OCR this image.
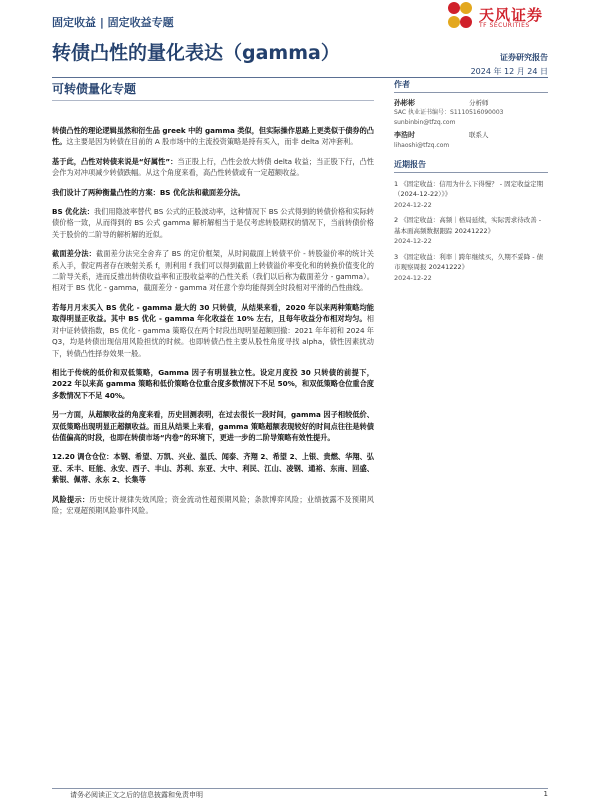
固定收益 | 固定收益专题	天风证券
TF SECURITIES
转债凸性的量化表达（gamma）	证券研究报告
2024 年 12 月 24 日
可转债量化专题

转债凸性的理论逻辑虽然和衍生品 greek 中的 gamma 类似，但实际操作思路上更类似于债券的凸性。这主要是因为转债在目前的 A 股市场中的主流投资策略是持有买入，而非 delta 对冲套利。

基于此，凸性对转债来说是“好属性”：当正股上行，凸性会放大转债 delta 收益；当正股下行，凸性会作为对冲项减少转债跌幅。从这个角度来看，高凸性转债或有一定超额收益。

我们设计了两种衡量凸性的方案：BS 优化法和截面差分法。

BS 优化法：我们用隐波率替代 BS 公式的正股波动率，这种情况下 BS 公式得到的转债价格和实际转债价格一致，从而得到的 BS 公式 gamma 解析解相当于是仅考虑转股期权的情况下，当前转债价格关于股价的二阶导的解析解的近似。

截面差分法：截面差分法完全舍弃了 BS 的定价框架，从时间截面上转债平价 - 转股溢价率的统计关系入手，假定两者存在映射关系 f，则利用 f 我们可以得到截面上转债溢价率变化和的转换价值变化的二阶导关系，进而反推出转债收益率和正股收益率的凸性关系（我们以后称为截面差分 - gamma）。相对于 BS 优化 - gamma，截面差分 - gamma 对任意个券均能得到全时段相对平滑的凸性曲线。

若每月月末买入 BS 优化 - gamma 最大的 30 只转债，从结果来看，2020 年以来两种策略均能取得明显正收益。其中 BS 优化 - gamma 年化收益在 10% 左右，且每年收益分布相对均匀。相对中证转债指数，BS 优化 - gamma 策略仅在两个时段出现明显超额回撤：2021 年年初和 2024 年 Q3，均是转债出现信用风险担忧的时候。也即转债凸性主要从股性角度寻找 alpha，债性因素扰动下，转债凸性择券效果一般。

相比于传统的低价和双低策略，Gamma 因子有明显独立性。设定月度投 30 只转债的前提下，2022 年以来高 gamma 策略和低价策略仓位重合度多数情况下不足 50%，和双低策略仓位重合度多数情况下不足 40%。

另一方面，从超额收益的角度来看，历史回测表明，在过去很长一段时间，gamma 因子相较低价、双低策略出现明显正超额收益。而且从结果上来看，gamma 策略超额表现较好的时间点往往是转债估值偏高的时段，也即在转债市场“内卷”的环境下，更进一步的二阶导策略有效性提升。

12.20 调仓仓位：本钢、希望、万凯、兴业、温氏、闻泰、齐翔 2、希望 2、上银、贵燃、华翔、弘亚、禾丰、旺能、永安、西子、丰山、苏利、东亚、大中、利民、江山、凌钢、通裕、东南、回盛、紫银、佩蒂、永东 2、长集等

风险提示：历史统计规律失效风险；资金流动性超预期风险；条款博弈风险；业绩披露不及预期风险；宏观超预期风险事件风险。

作者
孙彬彬	分析师
SAC 执业证书编号：S1110516090003
sunbinbin@tfzq.com
李浩时	联系人
lihaoshi@tfzq.com
近期报告
1 《固定收益：信用为什么下得慢？ - 固定收益定期（2024-12-22）》》
2024-12-22
2 《固定收益：高频｜格局延续，实际需求待改善 - 基本面高频数据跟踪 20241222》
2024-12-22
3 《固定收益：利率｜跨年继续买，久期不妥降 - 债市观察周报 20241222》
2024-12-22
请务必阅读正文之后的信息披露和免责申明	1
